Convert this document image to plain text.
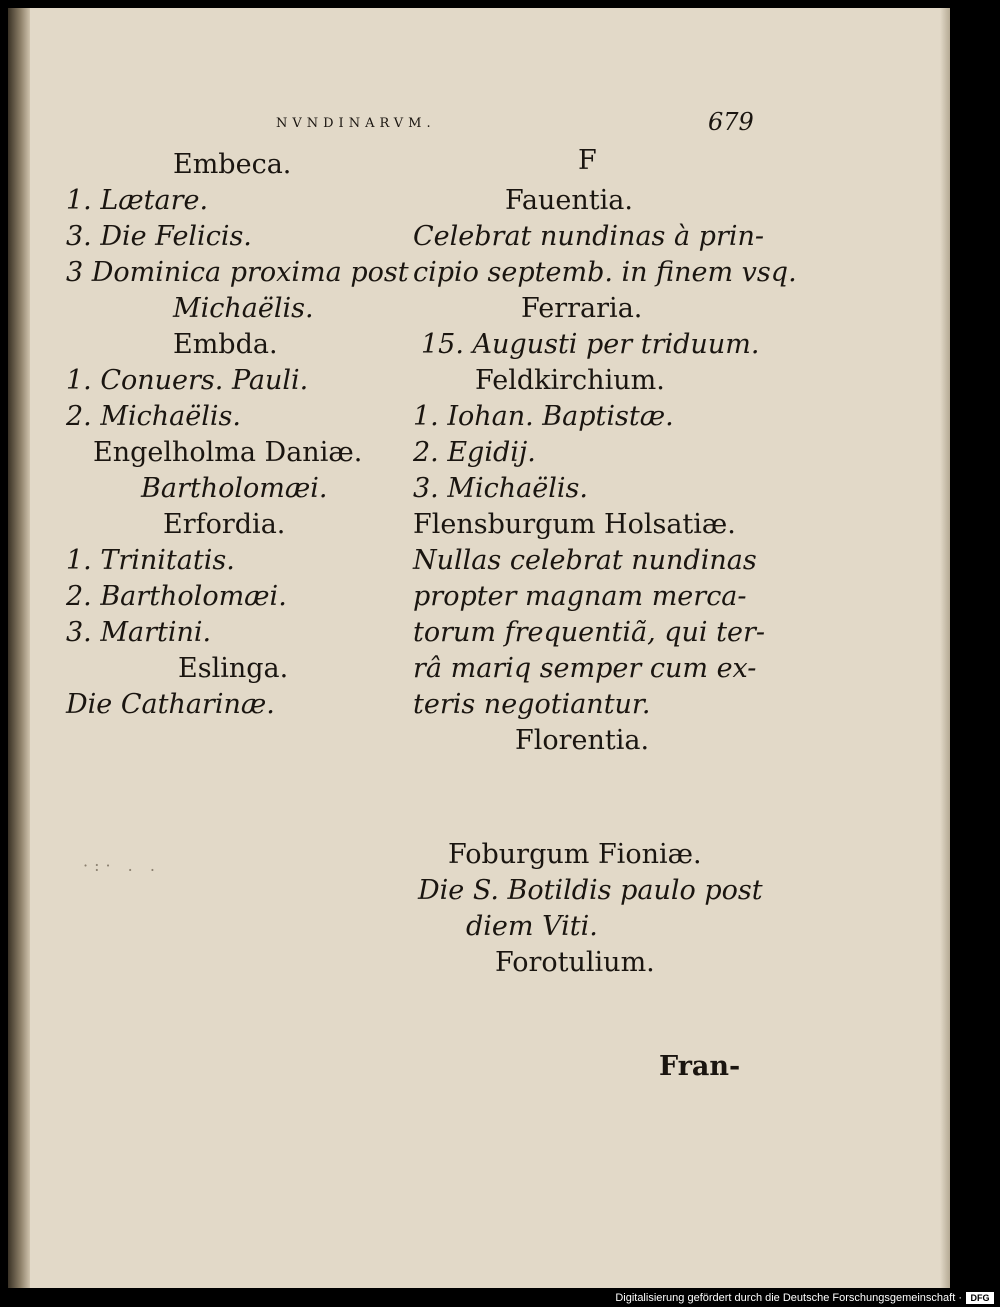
NVNDINARVM.	679
Embeca.
1. Lætare.
3. Die Felicis.
3 Dominica proxima post
Michaëlis.
Embda.
1. Conuers. Pauli.
2. Michaëlis.
Engelholma Daniæ.
Bartholomæi.
Erfordia.
1. Trinitatis.
2. Bartholomæi.
3. Martini.
Eslinga.
Die Catharinæ.
F
Fauentia.
Celebrat nundinas à prin-
cipio septemb. in finem vsq.
Ferraria.
15. Augusti per triduum.
Feldkirchium.
1. Iohan. Baptistæ.
2. Egidij.
3. Michaëlis.
Flensburgum Holsatiæ.
Nullas celebrat nundinas
propter magnam merca-
torum frequentiã, qui ter-
râ mariq semper cum ex-
teris negotiantur.
Florentia.
Foburgum Fioniæ.
Die S. Botildis paulo post
diem Viti.
Forotulium.
·:· . .
Fran-
Digitalisierung gefördert durch die Deutsche Forschungsgemeinschaft · DFG
